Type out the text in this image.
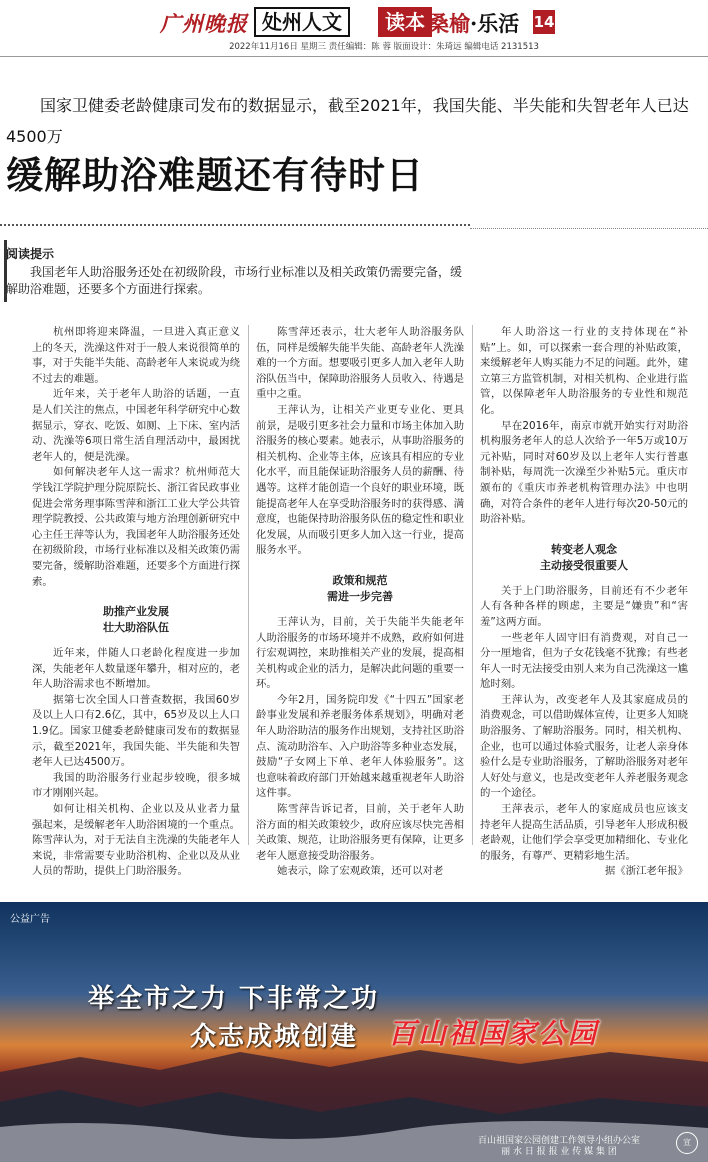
广州晚报 处州人文	读本 桑榆·乐活 14
2022年11月16日 星期三 责任编辑：陈 蓉 版面设计：朱琦远 编辑电话 2131513
国家卫健委老龄健康司发布的数据显示，截至2021年，我国失能、半失能和失智老年人已达4500万
缓解助浴难题还有待时日
阅读提示
我国老年人助浴服务还处在初级阶段，市场行业标准以及相关政策仍需要完备，缓解助浴难题，还要多个方面进行探索。

杭州即将迎来降温，一旦进入真正意义上的冬天，洗澡这件对于一般人来说很简单的事，对于失能半失能、高龄老年人来说或为绕不过去的难题。

近年来，关于老年人助浴的话题，一直是人们关注的焦点，中国老年科学研究中心数据显示，穿衣、吃饭、如厕、上下床、室内活动、洗澡等6项日常生活自理活动中，最困扰老年人的，便是洗澡。

如何解决老年人这一需求？杭州师范大学钱江学院护理分院原院长、浙江省民政事业促进会常务理事陈雪萍和浙江工业大学公共管理学院教授、公共政策与地方治理创新研究中心主任王萍等认为，我国老年人助浴服务还处在初级阶段，市场行业标准以及相关政策仍需要完备，缓解助浴难题，还要多个方面进行探索。

助推产业发展
壮大助浴队伍

近年来，伴随人口老龄化程度进一步加深，失能老年人数量逐年攀升，相对应的，老年人助浴需求也不断增加。

据第七次全国人口普查数据，我国60岁及以上人口有2.6亿，其中，65岁及以上人口1.9亿。国家卫健委老龄健康司发布的数据显示，截至2021年，我国失能、半失能和失智老年人已达4500万。

我国的助浴服务行业起步较晚，很多城市才刚刚兴起。

如何让相关机构、企业以及从业者力量强起来，是缓解老年人助浴困境的一个重点。陈雪萍认为，对于无法自主洗澡的失能老年人来说，非常需要专业助浴机构、企业以及从业人员的帮助，提供上门助浴服务。

陈雪萍还表示，壮大老年人助浴服务队伍，同样是缓解失能半失能、高龄老年人洗澡难的一个方面。想要吸引更多人加入老年人助浴队伍当中，保障助浴服务人员收入、待遇是重中之重。

王萍认为，让相关产业更专业化、更具前景，是吸引更多社会力量和市场主体加入助浴服务的核心要素。她表示，从事助浴服务的相关机构、企业等主体，应该具有相应的专业化水平，而且能保证助浴服务人员的薪酬、待遇等。这样才能创造一个良好的职业环境，既能提高老年人在享受助浴服务时的获得感、满意度，也能保持助浴服务队伍的稳定性和职业化发展，从而吸引更多人加入这一行业，提高服务水平。

政策和规范
需进一步完善

王萍认为，目前，关于失能半失能老年人助浴服务的市场环境并不成熟，政府如何进行宏观调控，来助推相关产业的发展，提高相关机构或企业的活力，是解决此问题的重要一环。

今年2月，国务院印发《“十四五”国家老龄事业发展和养老服务体系规划》，明确对老年人助浴助洁的服务作出规划，支持社区助浴点、流动助浴车、入户助浴等多种业态发展，鼓励“子女网上下单、老年人体验服务”。这也意味着政府部门开始越来越重视老年人助浴这件事。

陈雪萍告诉记者，目前，关于老年人助浴方面的相关政策较少，政府应该尽快完善相关政策、规范，让助浴服务更有保障，让更多老年人愿意接受助浴服务。

她表示，除了宏观政策，还可以对老

年人助浴这一行业的支持体现在“补贴”上。如，可以探索一套合理的补贴政策，来缓解老年人购买能力不足的问题。此外，建立第三方监管机制，对相关机构、企业进行监管，以保障老年人助浴服务的专业性和规范化。

早在2016年，南京市就开始实行对助浴机构服务老年人的总人次给予一年5万或10万元补贴，同时对60岁及以上老年人实行普惠制补贴，每周洗一次澡至少补贴5元。重庆市颁布的《重庆市养老机构管理办法》中也明确，对符合条件的老年人进行每次20-50元的助浴补贴。

转变老人观念
主动接受很重要人

关于上门助浴服务，目前还有不少老年人有各种各样的顾虑，主要是“嫌贵”和“害羞”这两方面。

一些老年人固守旧有消费观，对自己一分一厘地省，但为子女花钱毫不犹豫；有些老年人一时无法接受由别人来为自己洗澡这一尴尬时刻。

王萍认为，改变老年人及其家庭成员的消费观念，可以借助媒体宣传，让更多人知晓助浴服务、了解助浴服务。同时，相关机构、企业，也可以通过体验式服务，让老人亲身体验什么是专业助浴服务，了解助浴服务对老年人好处与意义，也是改变老年人养老服务观念的一个途径。

王萍表示，老年人的家庭成员也应该支持老年人提高生活品质，引导老年人形成积极老龄观，让他们学会享受更加精细化、专业化的服务，有尊严、更精彩地生活。

据《浙江老年报》

公益广告
举全市之力 下非常之功
众志成城创建 百山祖国家公园
百山祖国家公园创建工作领导小组办公室
丽 水 日 报 报 业 传 媒 集 团
宣
